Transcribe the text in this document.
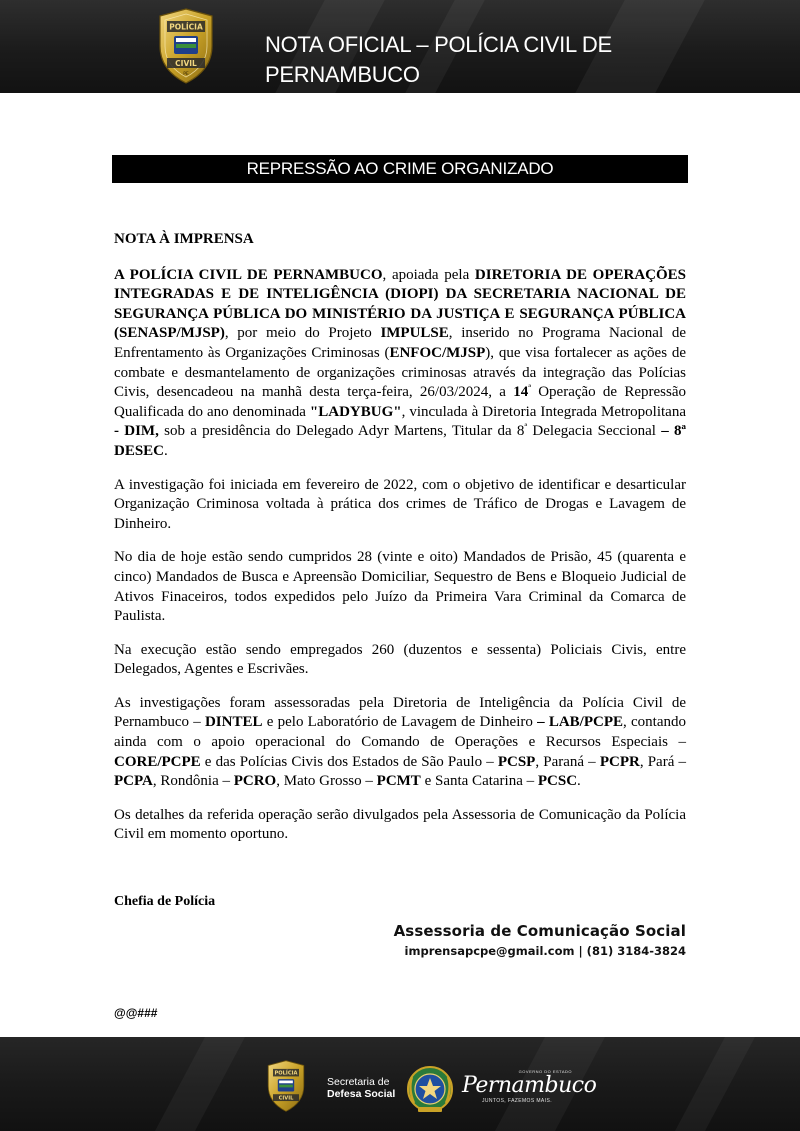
POLÍCIA
CIVIL
PE
NOTA OFICIAL – POLÍCIA CIVIL DE PERNAMBUCO
REPRESSÃO AO CRIME ORGANIZADO

NOTA À IMPRENSA

A POLÍCIA CIVIL DE PERNAMBUCO, apoiada pela DIRETORIA DE OPERAÇÕES INTEGRADAS E DE INTELIGÊNCIA (DIOPI) DA SECRETARIA NACIONAL DE SEGURANÇA PÚBLICA DO MINISTÉRIO DA JUSTIÇA E SEGURANÇA PÚBLICA (SENASP/MJSP), por meio do Projeto IMPULSE, inserido no Programa Nacional de Enfrentamento às Organizações Criminosas (ENFOC/MJSP), que visa fortalecer as ações de combate e desmantelamento de organizações criminosas através da integração das Polícias Civis, desencadeou na manhã desta terça-feira, 26/03/2024, a $14^ª$ Operação de Repressão Qualificada do ano denominada "LADYBUG", vinculada à Diretoria Integrada Metropolitana - DIM, sob a presidência do Delegado Adyr Martens, Titular da $8^ª$ Delegacia Seccional – 8ª DESEC.

A investigação foi iniciada em fevereiro de 2022, com o objetivo de identificar e desarticular Organização Criminosa voltada à prática dos crimes de Tráfico de Drogas e Lavagem de Dinheiro.

No dia de hoje estão sendo cumpridos 28 (vinte e oito) Mandados de Prisão, 45 (quarenta e cinco) Mandados de Busca e Apreensão Domiciliar, Sequestro de Bens e Bloqueio Judicial de Ativos Finaceiros, todos expedidos pelo Juízo da Primeira Vara Criminal da Comarca de Paulista.

Na execução estão sendo empregados 260 (duzentos e sessenta) Policiais Civis, entre Delegados, Agentes e Escrivães.

As investigações foram assessoradas pela Diretoria de Inteligência da Polícia Civil de Pernambuco – DINTEL e pelo Laboratório de Lavagem de Dinheiro – LAB/PCPE, contando ainda com o apoio operacional do Comando de Operações e Recursos Especiais – CORE/PCPE e das Polícias Civis dos Estados de São Paulo – PCSP, Paraná – PCPR, Pará – PCPA, Rondônia – PCRO, Mato Grosso – PCMT e Santa Catarina – PCSC.

Os detalhes da referida operação serão divulgados pela Assessoria de Comunicação da Polícia Civil em momento oportuno.

Chefia de Polícia
Assessoria de Comunicação Social
imprensapcpe@gmail.com | (81) 3184-3824
@@###
POLÍCIA
CIVIL
Secretaria de
Defesa Social
GOVERNO DO ESTADO
Pernambuco
JUNTOS, FAZEMOS MAIS.
